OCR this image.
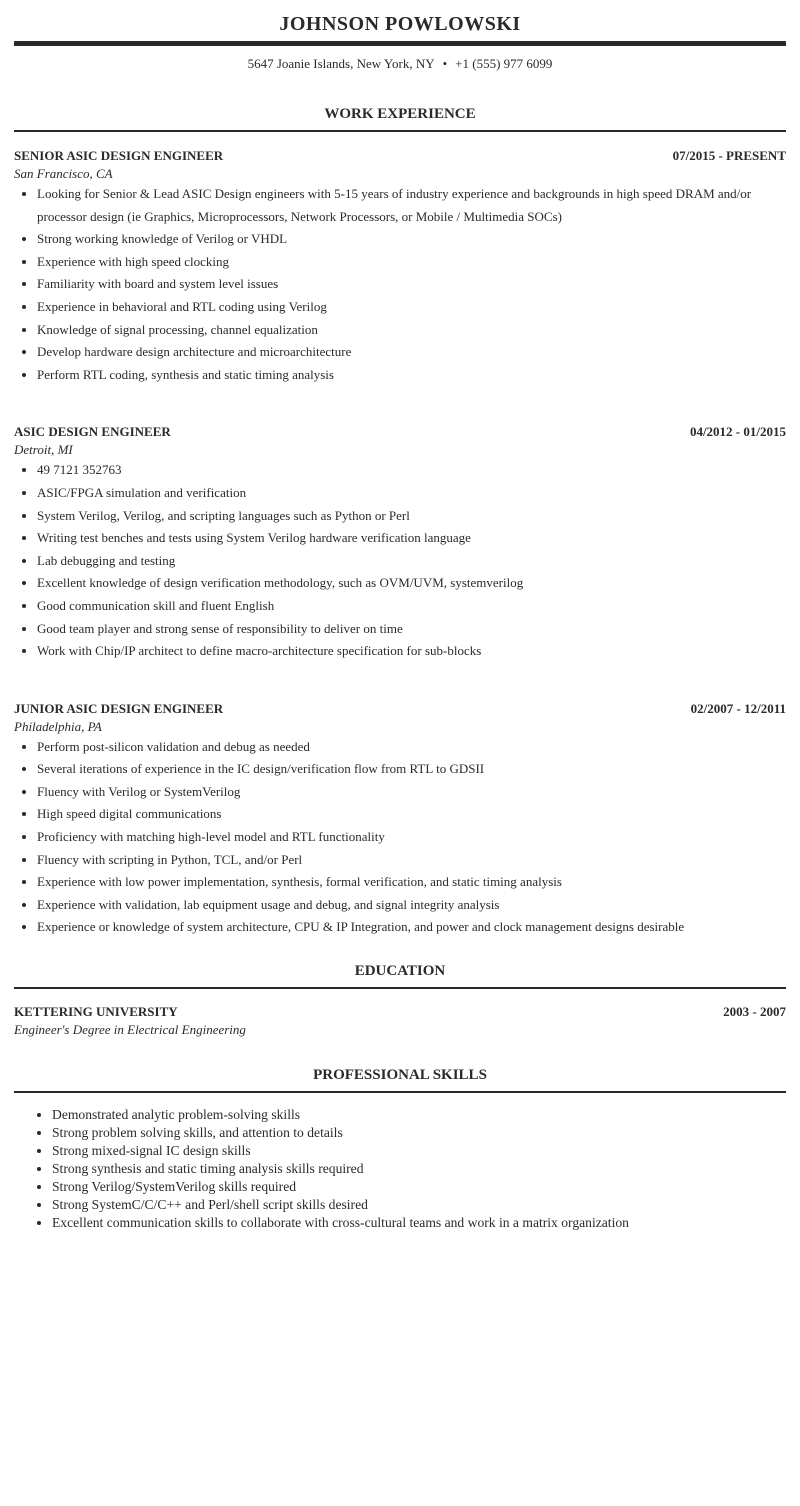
JOHNSON POWLOWSKI
5647 Joanie Islands, New York, NY • +1 (555) 977 6099
WORK EXPERIENCE
SENIOR ASIC DESIGN ENGINEER	07/2015 - PRESENT
San Francisco, CA
• Looking for Senior & Lead ASIC Design engineers with 5-15 years of industry experience and backgrounds in high speed DRAM and/or processor design (ie Graphics, Microprocessors, Network Processors, or Mobile / Multimedia SOCs)
• Strong working knowledge of Verilog or VHDL
• Experience with high speed clocking
• Familiarity with board and system level issues
• Experience in behavioral and RTL coding using Verilog
• Knowledge of signal processing, channel equalization
• Develop hardware design architecture and microarchitecture
• Perform RTL coding, synthesis and static timing analysis
ASIC DESIGN ENGINEER	04/2012 - 01/2015
Detroit, MI
• 49 7121 352763
• ASIC/FPGA simulation and verification
• System Verilog, Verilog, and scripting languages such as Python or Perl
• Writing test benches and tests using System Verilog hardware verification language
• Lab debugging and testing
• Excellent knowledge of design verification methodology, such as OVM/UVM, systemverilog
• Good communication skill and fluent English
• Good team player and strong sense of responsibility to deliver on time
• Work with Chip/IP architect to define macro-architecture specification for sub-blocks
JUNIOR ASIC DESIGN ENGINEER	02/2007 - 12/2011
Philadelphia, PA
• Perform post-silicon validation and debug as needed
• Several iterations of experience in the IC design/verification flow from RTL to GDSII
• Fluency with Verilog or SystemVerilog
• High speed digital communications
• Proficiency with matching high-level model and RTL functionality
• Fluency with scripting in Python, TCL, and/or Perl
• Experience with low power implementation, synthesis, formal verification, and static timing analysis
• Experience with validation, lab equipment usage and debug, and signal integrity analysis
• Experience or knowledge of system architecture, CPU & IP Integration, and power and clock management designs desirable
EDUCATION
KETTERING UNIVERSITY	2003 - 2007
Engineer's Degree in Electrical Engineering
PROFESSIONAL SKILLS
• Demonstrated analytic problem-solving skills
• Strong problem solving skills, and attention to details
• Strong mixed-signal IC design skills
• Strong synthesis and static timing analysis skills required
• Strong Verilog/SystemVerilog skills required
• Strong SystemC/C/C++ and Perl/shell script skills desired
• Excellent communication skills to collaborate with cross-cultural teams and work in a matrix organization
